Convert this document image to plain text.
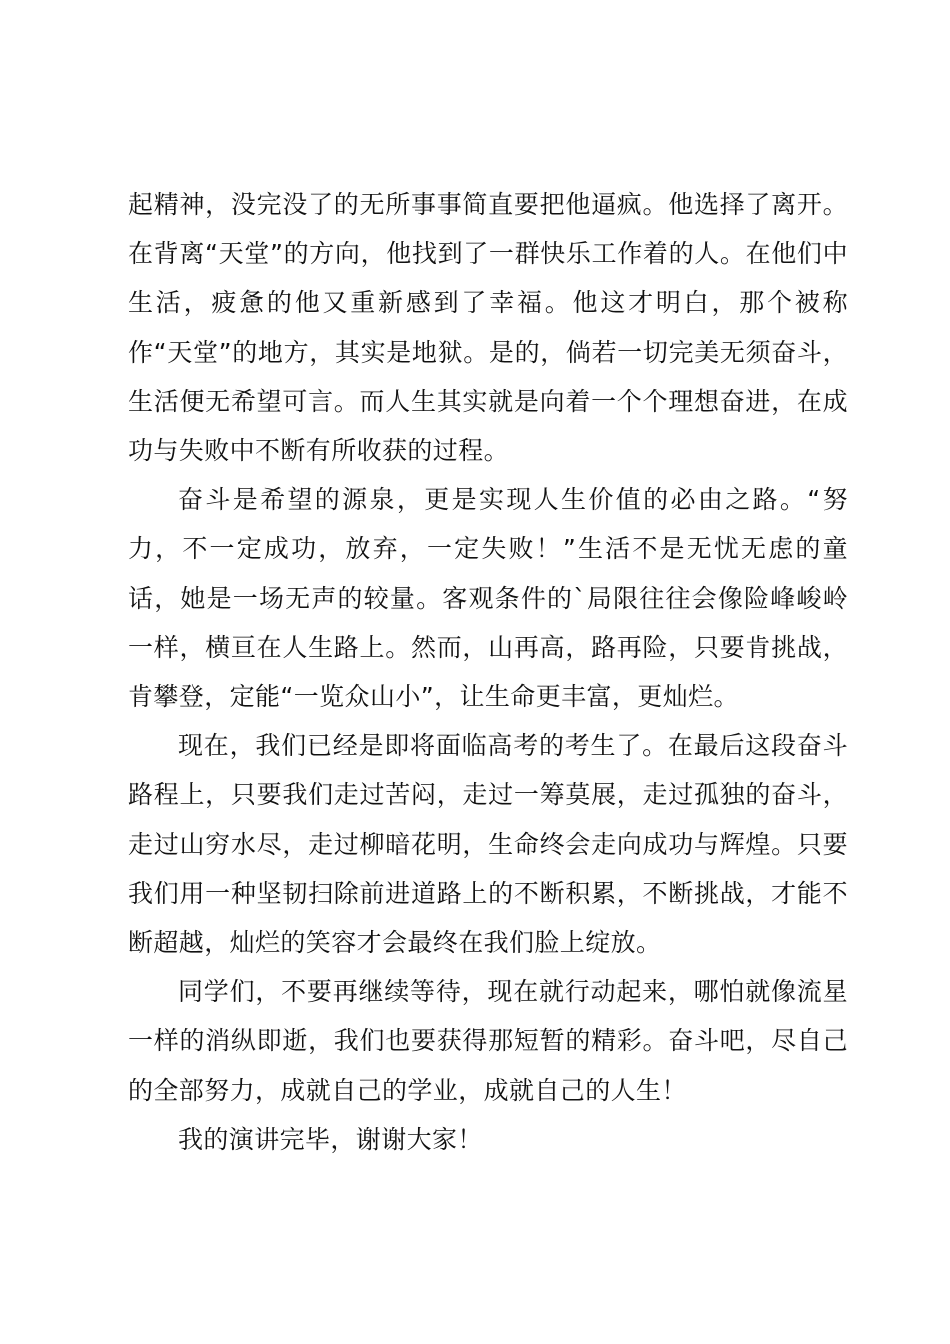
起精神，没完没了的无所事事简直要把他逼疯。他选择了离开。在背离“天堂”的方向，他找到了一群快乐工作着的人。在他们中生活，疲惫的他又重新感到了幸福。他这才明白，那个被称作“天堂”的地方，其实是地狱。是的，倘若一切完美无须奋斗，生活便无希望可言。而人生其实就是向着一个个理想奋进，在成功与失败中不断有所收获的过程。

奋斗是希望的源泉，更是实现人生价值的必由之路。“努力，不一定成功，放弃，一定失败！”生活不是无忧无虑的童话，她是一场无声的较量。客观条件的`局限往往会像险峰峻岭一样，横亘在人生路上。然而，山再高，路再险，只要肯挑战，肯攀登，定能“一览众山小”，让生命更丰富，更灿烂。

现在，我们已经是即将面临高考的考生了。在最后这段奋斗路程上，只要我们走过苦闷，走过一筹莫展，走过孤独的奋斗，走过山穷水尽，走过柳暗花明，生命终会走向成功与辉煌。只要我们用一种坚韧扫除前进道路上的不断积累，不断挑战，才能不断超越，灿烂的笑容才会最终在我们脸上绽放。

同学们，不要再继续等待，现在就行动起来，哪怕就像流星一样的消纵即逝，我们也要获得那短暂的精彩。奋斗吧，尽自己的全部努力，成就自己的学业，成就自己的人生！

我的演讲完毕，谢谢大家！
